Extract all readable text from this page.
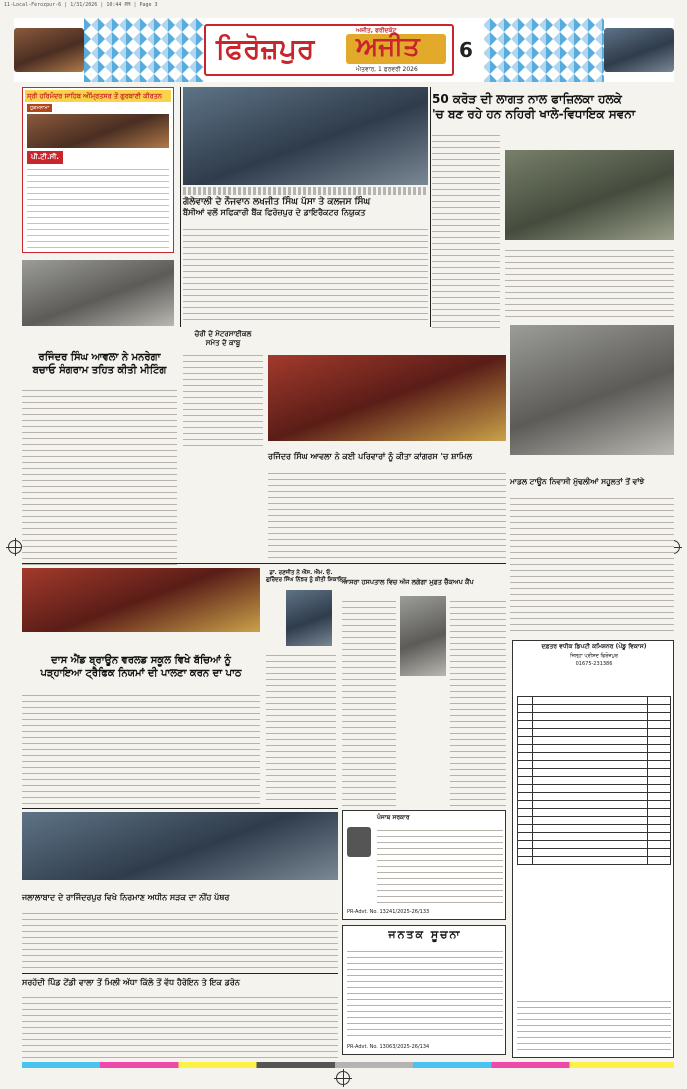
11-Local-Ferozpur-6 | 1/31/2026 | 10:44 PM | Page 3
ਅਜੀਤ, ਫਰੀਦਕੋਟ
ਫਿਰੋਜ਼ਪੁਰ ਅਜੀਤ
ਐਤਵਾਰ, 1 ਫਰਵਰੀ 2026
6
ਸ੍ਰੀ ਹਰਿਮੰਦਰ ਸਾਹਿਬ ਅੰਮ੍ਰਿਤਸਰ ਤੋਂ ਗੁਰਬਾਣੀ ਕੀਰਤਨ
ਹੁਕਮਨਾਮਾ
ਪੀ.ਟੀ.ਸੀ.
ਗੋਲੇਵਾਲੀ ਦੇ ਨੌਜਵਾਨ ਲਖਜੀਤ ਸਿੰਘ ਪੱਸਾ ਤੇ ਕਲਜਸ ਸਿੰਘ
ਬੈਂਸੀਆਂ ਵਲੋਂ ਸਫਿਕਾਰੀ ਬੈਂਕ ਫਿਰੋਜ਼ਪੁਰ ਦੇ ਡਾਇਰੈਕਟਰ ਨਿਯੁਕਤ
50 ਕਰੋੜ ਦੀ ਲਾਗਤ ਨਾਲ ਫਾਜ਼ਿਲਕਾ ਹਲਕੇ
'ਚ ਬਣ ਰਹੇ ਹਨ ਨਹਿਰੀ ਖਾਲੇ-ਵਿਧਾਇਕ ਸਵਨਾ
ਰਜਿੰਦਰ ਸਿੰਘ ਆਵਲਾ ਨੇ ਮਨਰੇਗਾ
ਬਚਾਓ ਸੰਗਰਾਮ ਤਹਿਤ ਕੀਤੀ ਮੀਟਿੰਗ
ਚੋਰੀ ਦੇ ਮੋਟਰਸਾਈਕਲ
ਸਮੇਤ ਦੋ ਕਾਬੂ
ਰਜਿੰਦਰ ਸਿੰਘ ਆਵਲਾ ਨੇ ਕਈ ਪਰਿਵਾਰਾਂ ਨੂੰ ਕੀਤਾ ਕਾਂਗਰਸ 'ਚ ਸ਼ਾਮਿਲ
ਮਾਡਲ ਟਾਊਨ ਨਿਵਾਸੀ ਮੁੱਢਲੀਆਂ ਸਹੂਲਤਾਂ ਤੋਂ ਵਾਂਝੇ
ਦਾਸ ਐਂਡ ਬ੍ਰਾਊਨ ਵਰਲਡ ਸਕੂਲ ਵਿਖੇ ਬੱਚਿਆਂ ਨੂੰ
ਪੜ੍ਹਾਇਆ ਟ੍ਰੈਫਿਕ ਨਿਯਮਾਂ ਦੀ ਪਾਲਣਾ ਕਰਨ ਦਾ ਪਾਠ
ਡਾ. ਰਣਜੀਤ ਨੇ ਐੱਸ. ਐੱਮ. ਓ.
ਗੁਰਿੰਦਰ ਸਿੰਘ ਨਿੱਝਰ ਨੂੰ ਕੀਤੀ ਸ਼ਿਕਾਇਤ
ਆਸਰਾ ਹਸਪਤਾਲ ਵਿਚ ਅੱਜ ਲਗੇਗਾ ਮੁਫ਼ਤ ਚੈੱਕਅਪ ਕੈਂਪ
ਦਫ਼ਤਰ ਵਧੀਕ ਡਿਪਟੀ ਕਮਿਸ਼ਨਰ (ਪੇਂਡੂ ਵਿਕਾਸ)
ਜ਼ਿਲ੍ਹਾ ਪ੍ਰੀਸ਼ਦ ਫਿਰੋਜ਼ਪੁਰ
01675-231386

ਪੰਜਾਬ ਸਰਕਾਰ
PR-Advt. No. 13241/2025-26/133
ਜਨਤਕ ਸੂਚਨਾ
PR-Advt. No. 13063/2025-26/134
ਜਲਾਲਾਬਾਦ ਦੇ ਰਾਜਿੰਦਰਪੁਰ ਵਿਖੇ ਨਿਰਮਾਣ ਅਧੀਨ ਸੜਕ ਦਾ ਨੀਂਹ ਪੱਥਰ
ਸਰਹੱਦੀ ਪਿੰਡ ਟੇਂਡੀ ਵਾਲਾ ਤੋਂ ਮਿਲੀ ਅੱਧਾ ਕਿੱਲੋ ਤੋਂ ਵੱਧ ਹੈਰੋਇਨ ਤੇ ਇਕ ਡਰੋਨ
